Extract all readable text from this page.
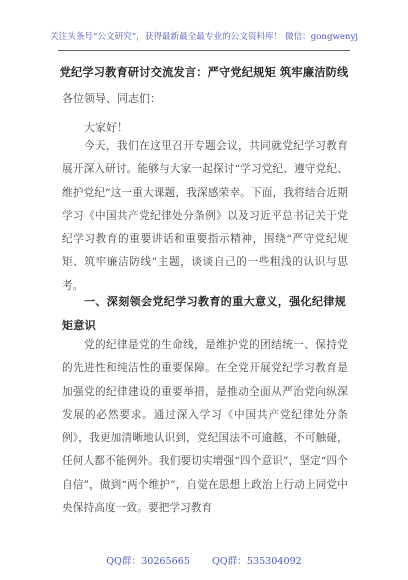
关注头条号“公文研究”，获得最新最全最专业的公文资料库！ 微信：gongwenyj
党纪学习教育研讨交流发言：严守党纪规矩 筑牢廉洁防线
各位领导、同志们：
大家好！
今天，我们在这里召开专题会议，共同就党纪学习教育展开深入研讨。能够与大家一起探讨“学习党纪、遵守党纪、维护党纪”这一重大课题，我深感荣幸。下面，我将结合近期学习《中国共产党纪律处分条例》以及习近平总书记关于党纪学习教育的重要讲话和重要指示精神，围绕“严守党纪规矩、筑牢廉洁防线”主题，谈谈自己的一些粗浅的认识与思考。
一、深刻领会党纪学习教育的重大意义，强化纪律规矩意识
党的纪律是党的生命线，是维护党的团结统一、保持党的先进性和纯洁性的重要保障。在全党开展党纪学习教育是加强党的纪律建设的重要举措，是推动全面从严治党向纵深发展的必然要求。通过深入学习《中国共产党纪律处分条例》，我更加清晰地认识到，党纪国法不可逾越、不可触碰，任何人都不能例外。我们要切实增强“四个意识”，坚定“四个自信”，做到“两个维护”，自觉在思想上政治上行动上同党中央保持高度一致。要把学习教育
QQ群：30265665 QQ群：535304092
